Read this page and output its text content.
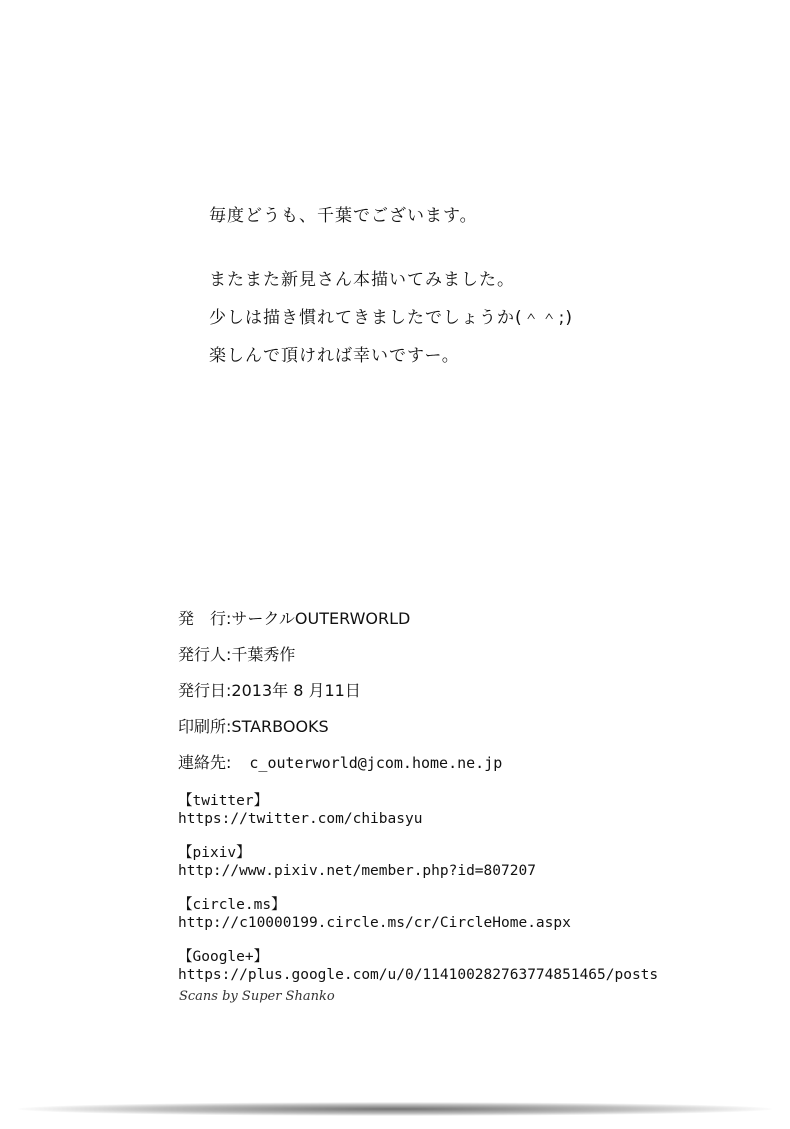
毎度どうも、千葉でございます。
またまた新見さん本描いてみました。
少しは描き慣れてきましたでしょうか(＾＾;)
楽しんで頂ければ幸いですー。
発　行: サークルOUTERWORLD
発行人: 千葉秀作
発行日: 2013年 8 月11日
印刷所: STARBOOKS
連絡先: c_outerworld@jcom.home.ne.jp
【twitter】
https://twitter.com/chibasyu
【pixiv】
http://www.pixiv.net/member.php?id=807207
【circle.ms】
http://c10000199.circle.ms/cr/CircleHome.aspx
【Google+】
https://plus.google.com/u/0/114100282763774851465/posts
Scans by Super Shanko
